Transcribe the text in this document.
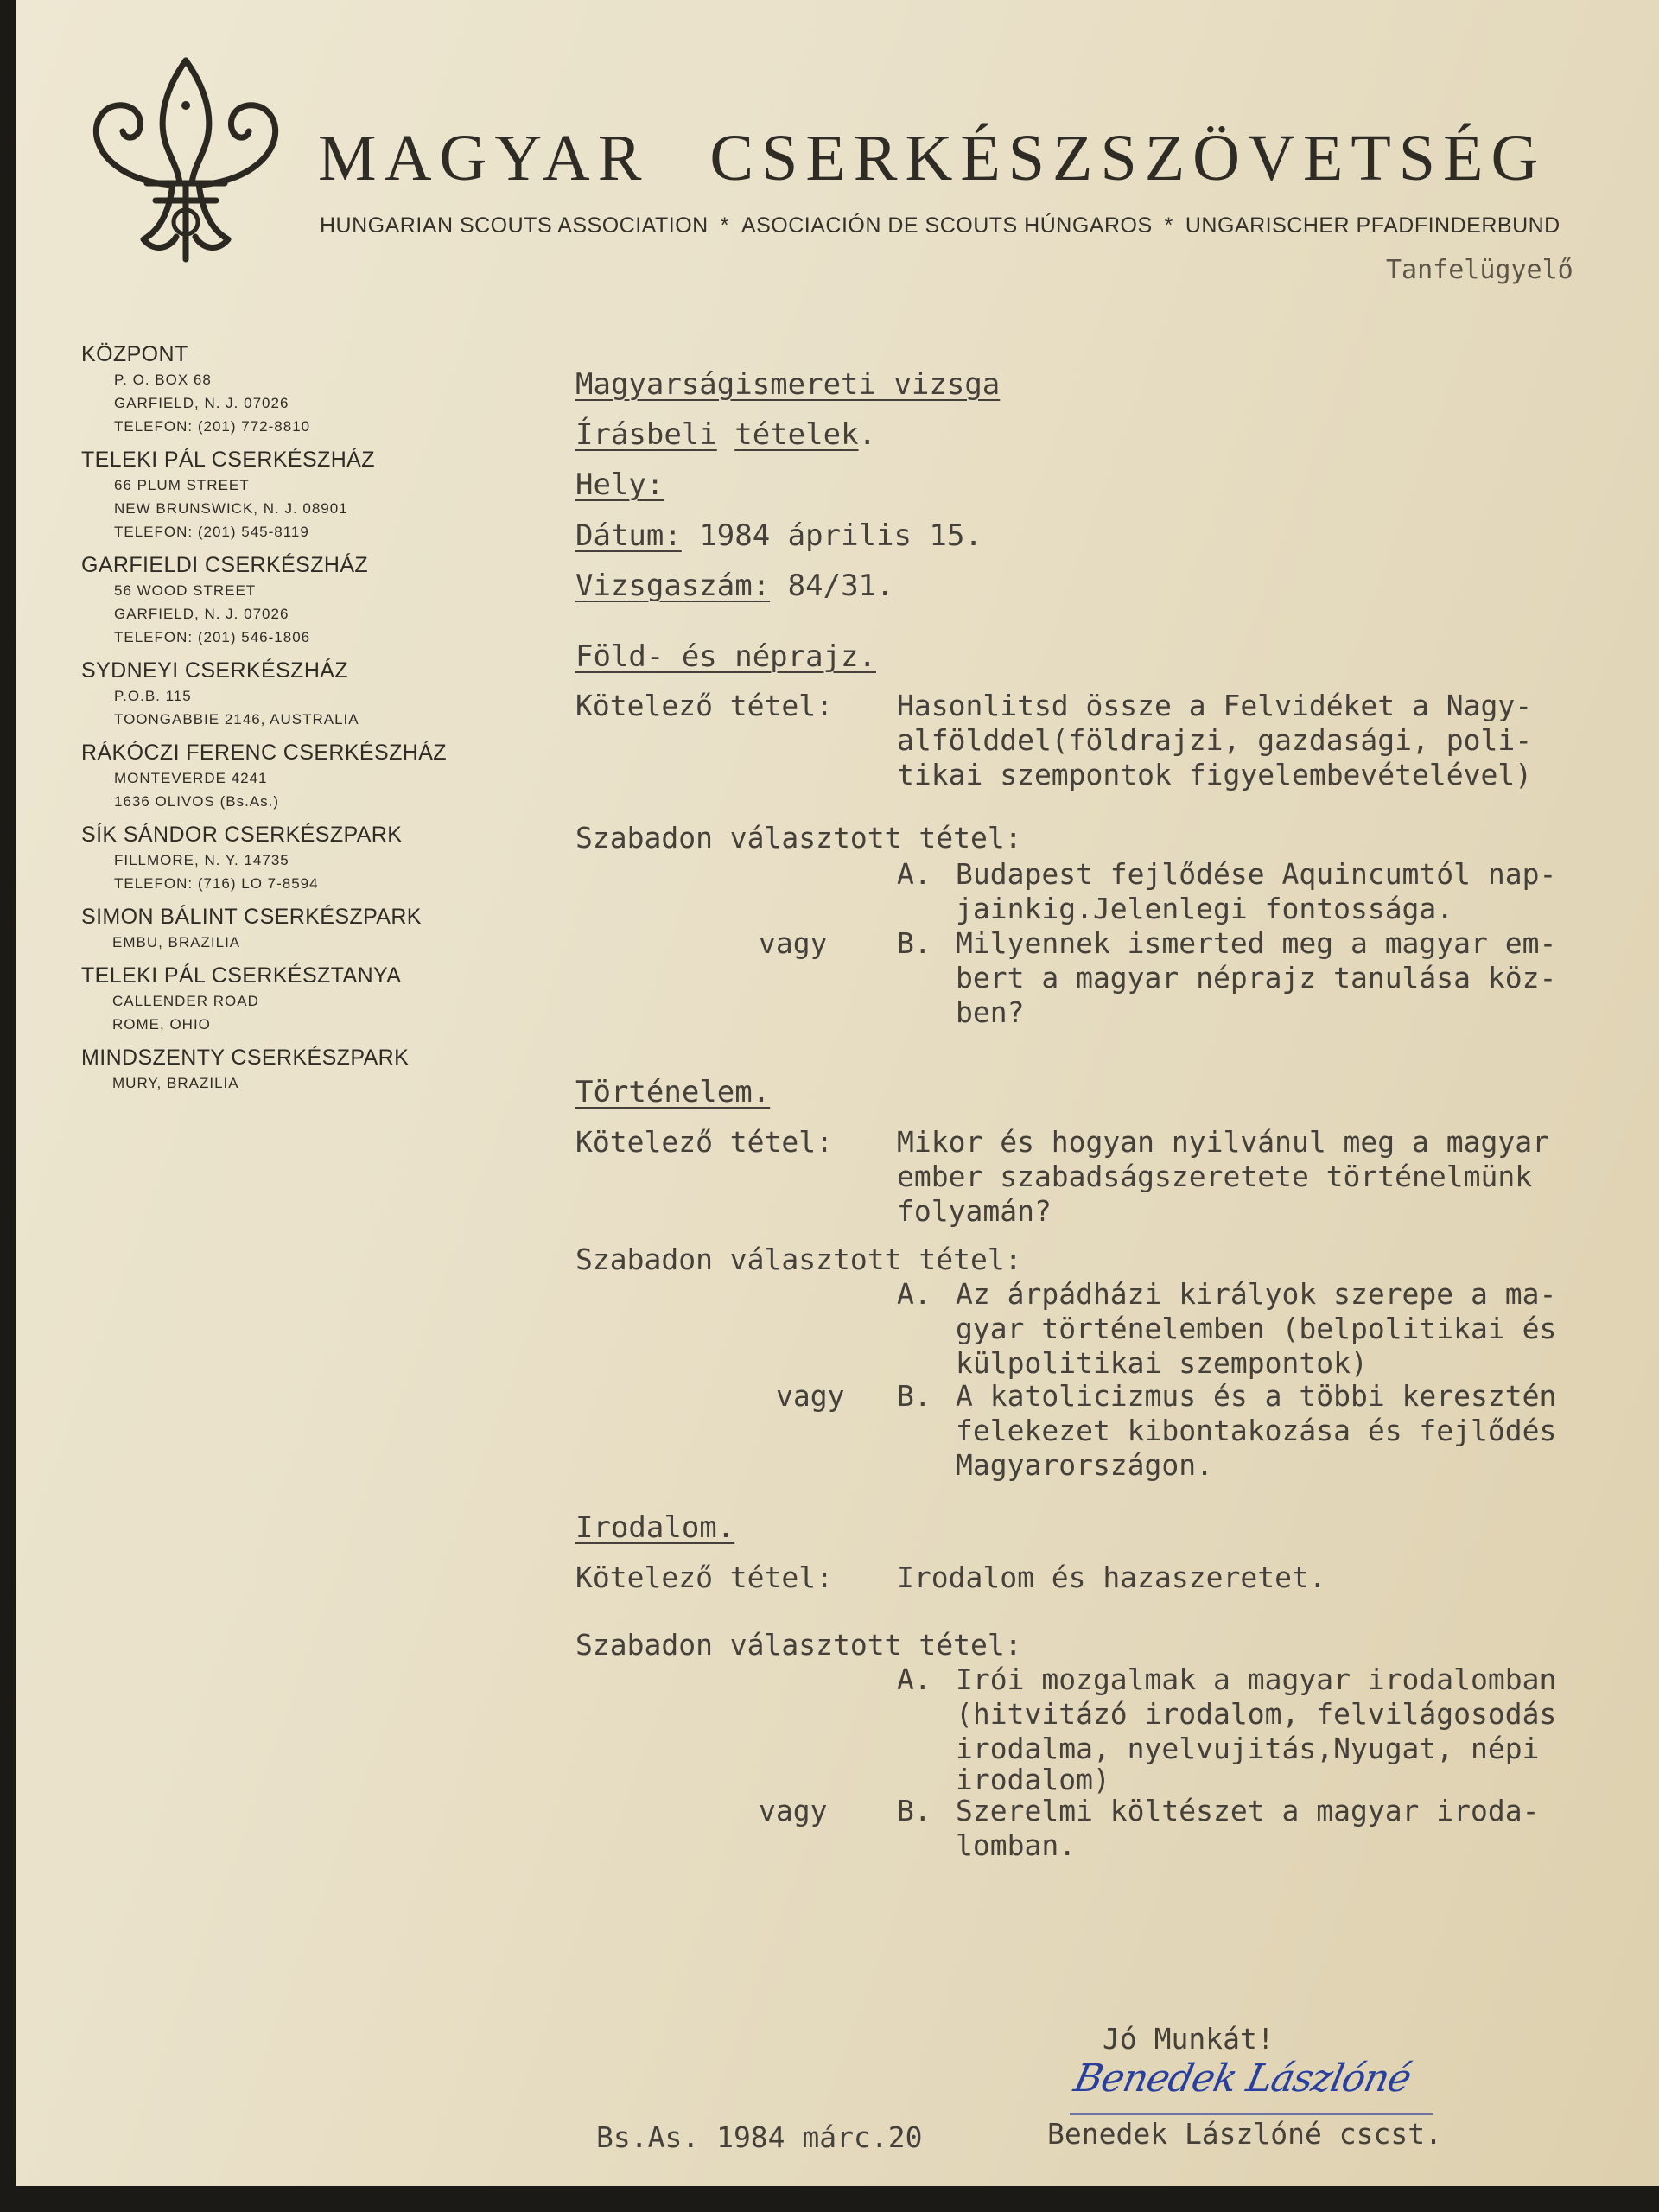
MAGYAR CSERKÉSZSZÖVETSÉG
HUNGARIAN SCOUTS ASSOCIATION * ASOCIACIÓN DE SCOUTS HÚNGAROS * UNGARISCHER PFADFINDERBUND
Tanfelügyelő
KÖZPONT
P. O. BOX 68
GARFIELD, N. J. 07026
TELEFON: (201) 772-8810
TELEKI PÁL CSERKÉSZHÁZ
66 PLUM STREET
NEW BRUNSWICK, N. J. 08901
TELEFON: (201) 545-8119
GARFIELDI CSERKÉSZHÁZ
56 WOOD STREET
GARFIELD, N. J. 07026
TELEFON: (201) 546-1806
SYDNEYI CSERKÉSZHÁZ
P.O.B. 115
TOONGABBIE 2146, AUSTRALIA
RÁKÓCZI FERENC CSERKÉSZHÁZ
MONTEVERDE 4241
1636 OLIVOS (Bs.As.)
SÍK SÁNDOR CSERKÉSZPARK
FILLMORE, N. Y. 14735
TELEFON: (716) LO 7-8594
SIMON BÁLINT CSERKÉSZPARK
EMBU, BRAZILIA
TELEKI PÁL CSERKÉSZTANYA
CALLENDER ROAD
ROME, OHIO
MINDSZENTY CSERKÉSZPARK
MURY, BRAZILIA
Magyarságismereti vizsga
Írásbeli tételek.
Hely:
Dátum: 1984 április 15.
Vizsgaszám: 84/31.
Föld- és néprajz.
Kötelező tétel: Hasonlitsd össze a Felvidéket a Nagy-
alfölddel(földrajzi, gazdasági, poli-
tikai szempontok figyelembevételével)
Szabadon választott tétel:
A. Budapest fejlődése Aquincumtól nap-
jainkig.Jelenlegi fontossága.
vagy B. Milyennek ismerted meg a magyar em-
bert a magyar néprajz tanulása köz-
ben?
Történelem.
Kötelező tétel: Mikor és hogyan nyilvánul meg a magyar
ember szabadságszeretete történelmünk
folyamán?
Szabadon választott tétel:
A. Az árpádházi királyok szerepe a ma-
gyar történelemben (belpolitikai és
külpolitikai szempontok)
vagy B. A katolicizmus és a többi keresztén
felekezet kibontakozása és fejlődés
Magyarországon.
Irodalom.
Kötelező tétel: Irodalom és hazaszeretet.
Szabadon választott tétel:
A. Irói mozgalmak a magyar irodalomban
(hitvitázó irodalom, felvilágosodás
irodalma, nyelvujitás,Nyugat, népi
irodalom)
vagy B. Szerelmi költészet a magyar iroda-
lomban.
Jó Munkát!
Benedek Lászlóné
Bs.As. 1984 márc.20	Benedek Lászlóné cscst.
